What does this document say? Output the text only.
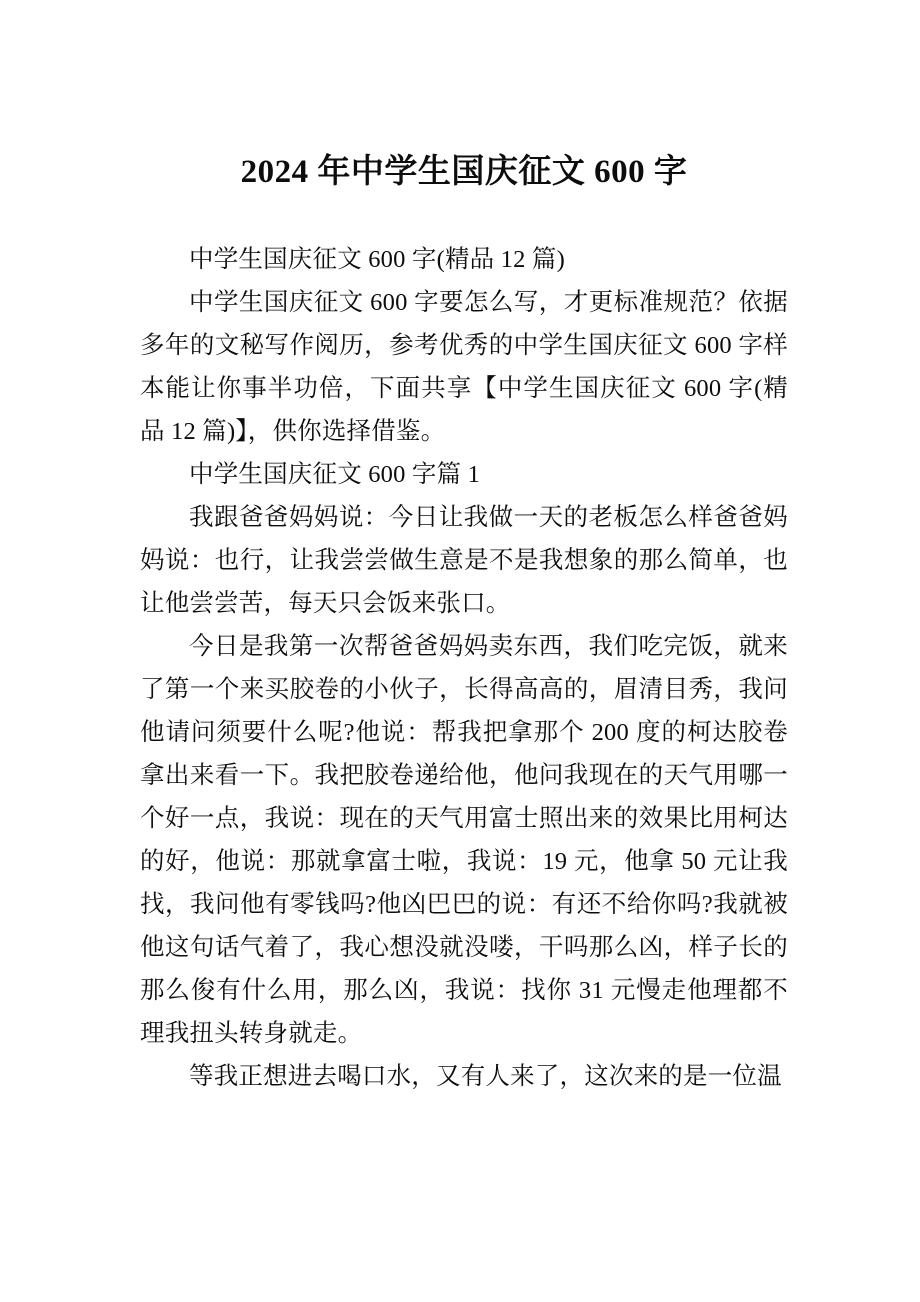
2024 年中学生国庆征文 600 字

中学生国庆征文 600 字(精品 12 篇)

中学生国庆征文 600 字要怎么写，才更标准规范？依据多年的文秘写作阅历，参考优秀的中学生国庆征文 600 字样本能让你事半功倍，下面共享【中学生国庆征文 600 字(精品 12 篇)】，供你选择借鉴。

中学生国庆征文 600 字篇 1

我跟爸爸妈妈说：今日让我做一天的老板怎么样爸爸妈妈说：也行，让我尝尝做生意是不是我想象的那么简单，也让他尝尝苦，每天只会饭来张口。

今日是我第一次帮爸爸妈妈卖东西，我们吃完饭，就来了第一个来买胶卷的小伙子，长得高高的，眉清目秀，我问他请问须要什么呢?他说：帮我把拿那个 200 度的柯达胶卷拿出来看一下。我把胶卷递给他，他问我现在的天气用哪一个好一点，我说：现在的天气用富士照出来的效果比用柯达的好，他说：那就拿富士啦，我说：19 元，他拿 50 元让我找，我问他有零钱吗?他凶巴巴的说：有还不给你吗?我就被他这句话气着了，我心想没就没喽，干吗那么凶，样子长的那么俊有什么用，那么凶，我说：找你 31 元慢走他理都不理我扭头转身就走。

等我正想进去喝口水，又有人来了，这次来的是一位温
